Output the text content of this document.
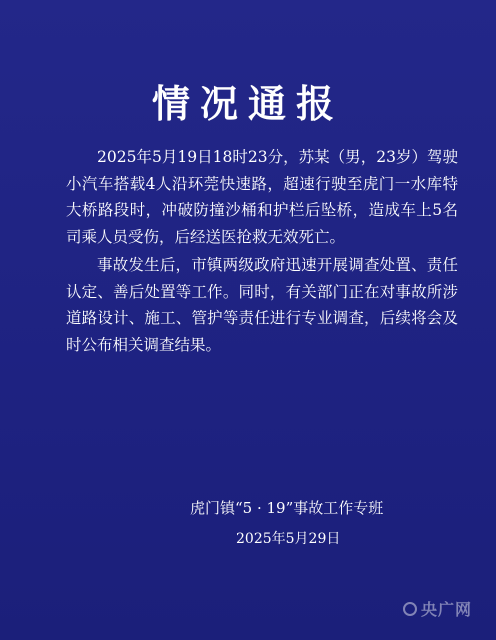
情况通报

2025年5月19日18时23分，苏某（男，23岁）驾驶小汽车搭载4人沿环莞快速路，超速行驶至虎门一水库特大桥路段时，冲破防撞沙桶和护栏后坠桥，造成车上5名司乘人员受伤，后经送医抢救无效死亡。

事故发生后，市镇两级政府迅速开展调查处置、责任认定、善后处置等工作。同时，有关部门正在对事故所涉道路设计、施工、管护等责任进行专业调查，后续将会及时公布相关调查结果。

虎门镇“5 · 19”事故工作专班
2025年5月29日
央广网
